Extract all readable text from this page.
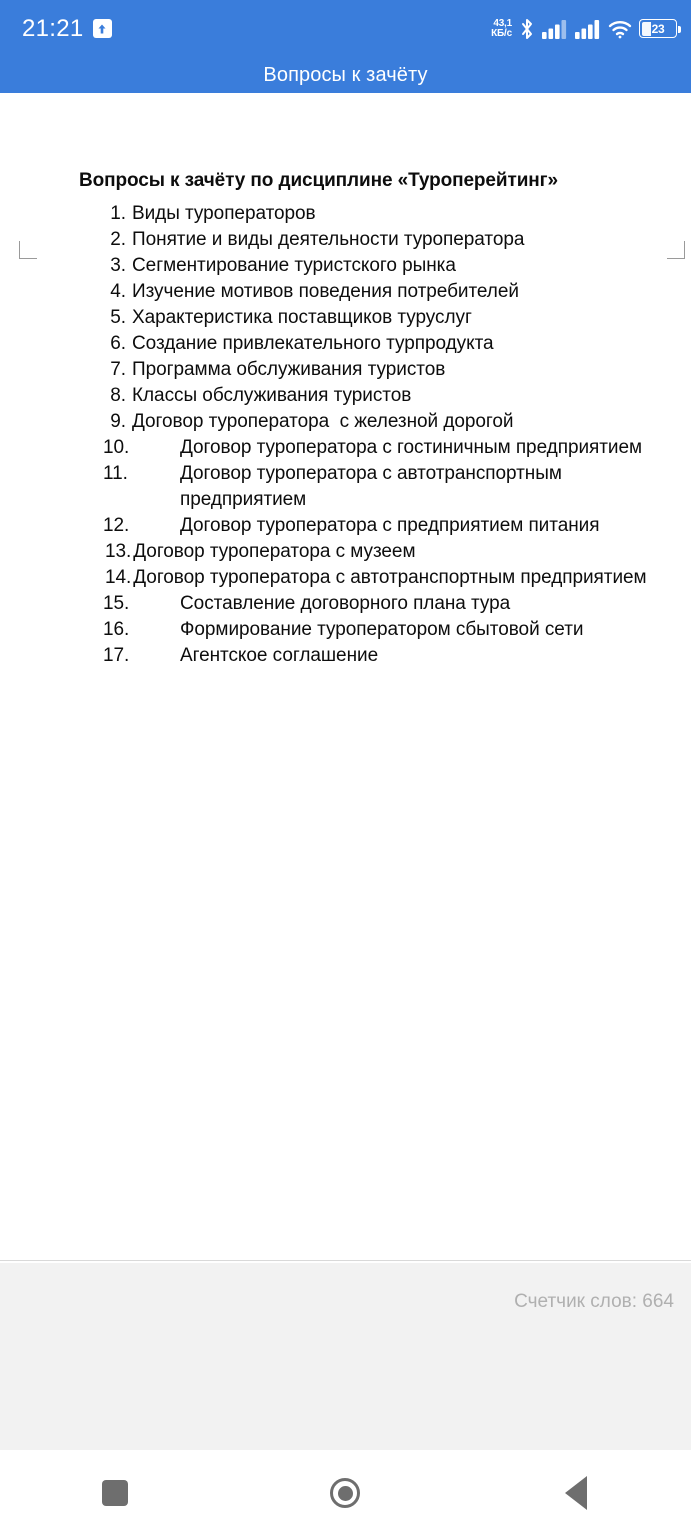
21:21	43,1
КБ/с	23
Вопросы к зачёту
Вопросы к зачёту по дисциплине «Туроперейтинг»
1. Виды туроператоров
2. Понятие и виды деятельности туроператора
3. Сегментирование туристского рынка
4. Изучение мотивов поведения потребителей
5. Характеристика поставщиков туруслуг
6. Создание привлекательного турпродукта
7. Программа обслуживания туристов
8. Классы обслуживания туристов
9. Договор туроператора  с железной дорогой
10.	Договор туроператора с гостиничным предприятием
11.	Договор туроператора с автотранспортным предприятием
12.	Договор туроператора с предприятием питания
13. Договор туроператора с музеем
14. Договор туроператора с автотранспортным предприятием
15.	Составление договорного плана тура
16.	Формирование туроператором сбытовой сети
17.	Агентское соглашение
Счетчик слов: 664
